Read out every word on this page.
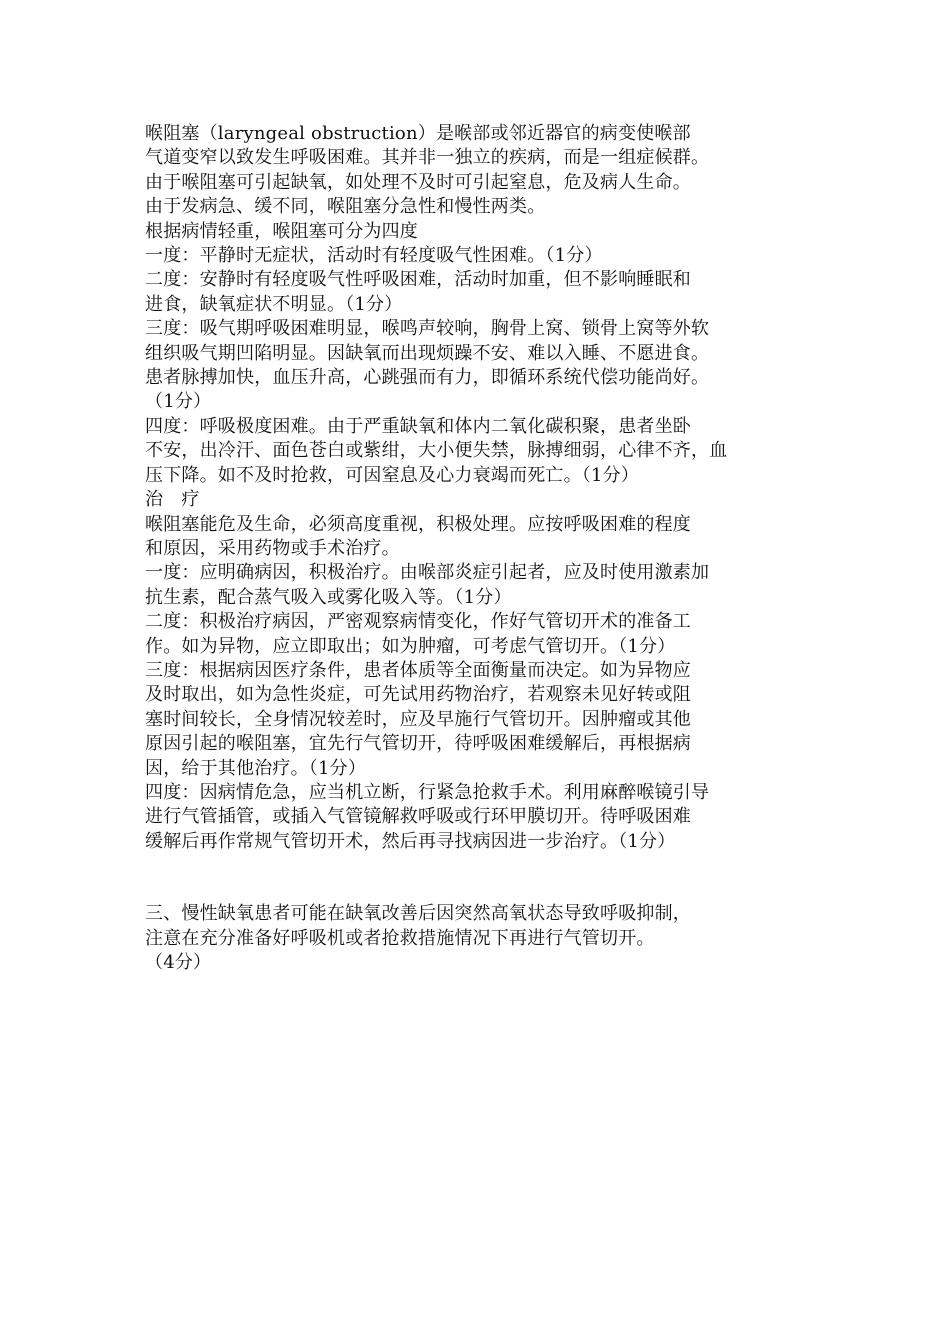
喉阻塞（laryngeal obstruction）是喉部或邻近器官的病变使喉部
气道变窄以致发生呼吸困难。其并非一独立的疾病，而是一组症候群。
由于喉阻塞可引起缺氧，如处理不及时可引起窒息，危及病人生命。
由于发病急、缓不同，喉阻塞分急性和慢性两类。
根据病情轻重，喉阻塞可分为四度
一度：平静时无症状，活动时有轻度吸气性困难。（1分）
二度：安静时有轻度吸气性呼吸困难，活动时加重，但不影响睡眠和
进食，缺氧症状不明显。（1分）
三度：吸气期呼吸困难明显，喉鸣声较响，胸骨上窝、锁骨上窝等外软
组织吸气期凹陷明显。因缺氧而出现烦躁不安、难以入睡、不愿进食。
患者脉搏加快，血压升高，心跳强而有力，即循环系统代偿功能尚好。
（1分）
四度：呼吸极度困难。由于严重缺氧和体内二氧化碳积聚，患者坐卧
不安，出冷汗、面色苍白或紫绀，大小便失禁，脉搏细弱，心律不齐，血
压下降。如不及时抢救，可因窒息及心力衰竭而死亡。（1分）
治　疗
喉阻塞能危及生命，必须高度重视，积极处理。应按呼吸困难的程度
和原因，采用药物或手术治疗。
一度：应明确病因，积极治疗。由喉部炎症引起者，应及时使用激素加
抗生素，配合蒸气吸入或雾化吸入等。（1分）
二度：积极治疗病因，严密观察病情变化，作好气管切开术的准备工
作。如为异物，应立即取出；如为肿瘤，可考虑气管切开。（1分）
三度：根据病因医疗条件，患者体质等全面衡量而决定。如为异物应
及时取出，如为急性炎症，可先试用药物治疗，若观察未见好转或阻
塞时间较长，全身情况较差时，应及早施行气管切开。因肿瘤或其他
原因引起的喉阻塞，宜先行气管切开，待呼吸困难缓解后，再根据病
因，给于其他治疗。（1分）
四度：因病情危急，应当机立断，行紧急抢救手术。利用麻醉喉镜引导
进行气管插管，或插入气管镜解救呼吸或行环甲膜切开。待呼吸困难
缓解后再作常规气管切开术，然后再寻找病因进一步治疗。（1分）
三、慢性缺氧患者可能在缺氧改善后因突然高氧状态导致呼吸抑制，
注意在充分准备好呼吸机或者抢救措施情况下再进行气管切开。
（4分）
